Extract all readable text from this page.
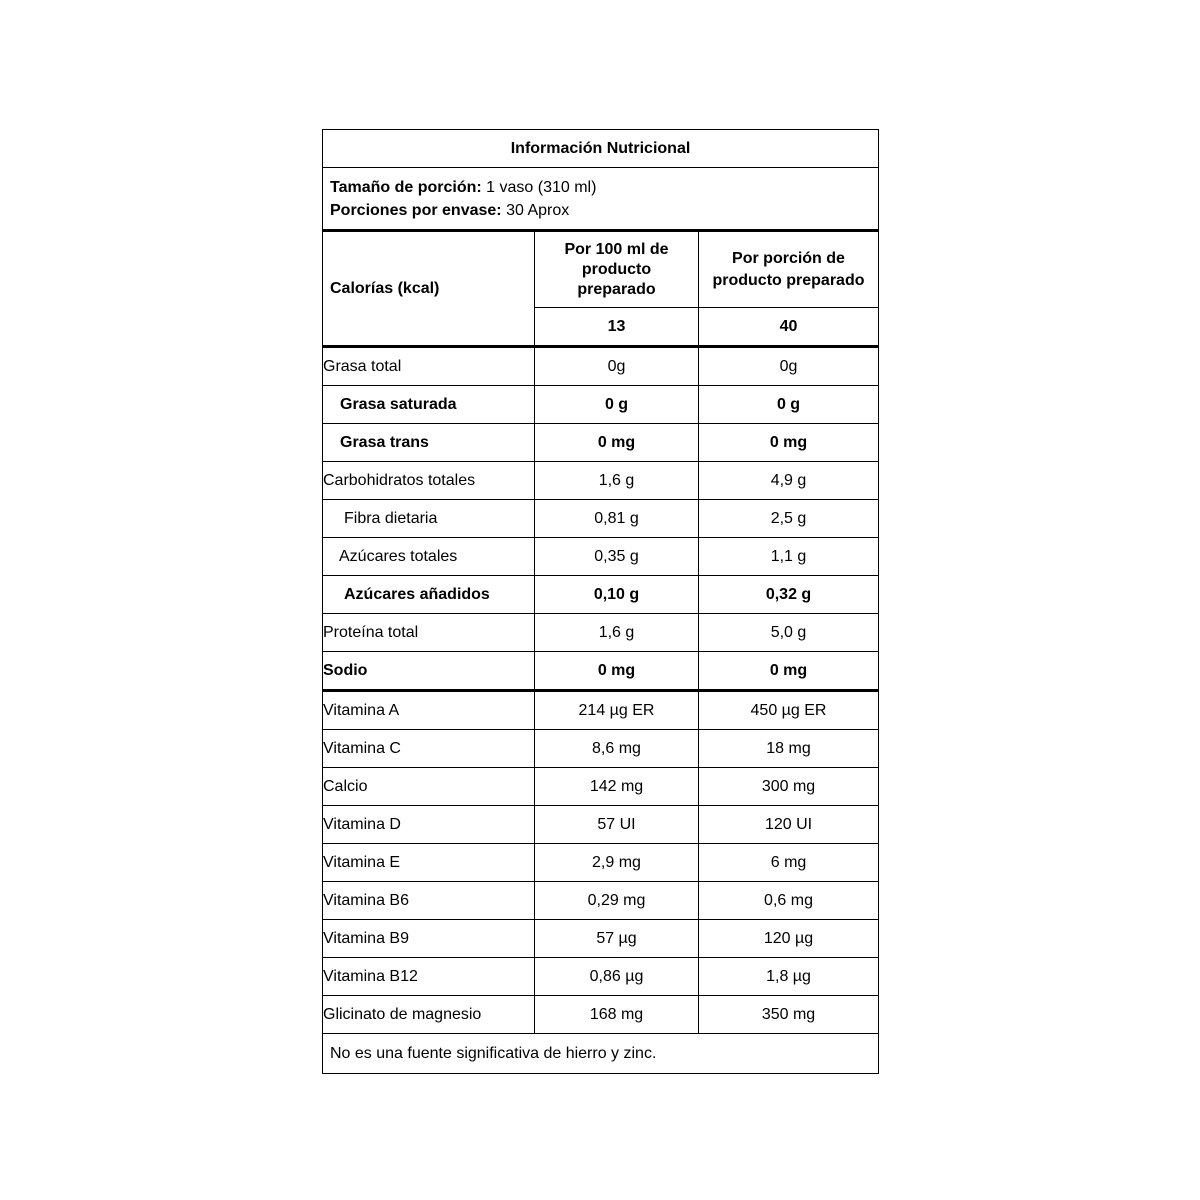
Información Nutricional		

Tamaño de porción: 1 vaso (310 ml)
Porciones por envase: 30 Aprox		

Calorías (kcal)	Por 100 ml de producto preparado	Por porción de producto preparado

	13	40
Grasa total	0g	0g
Grasa saturada	0 g	0 g
Grasa trans	0 mg	0 mg
Carbohidratos totales	1,6 g	4,9 g
Fibra dietaria	0,81 g	2,5 g
Azúcares totales	0,35 g	1,1 g
Azúcares añadidos	0,10 g	0,32 g
Proteína total	1,6 g	5,0 g
Sodio	0 mg	0 mg
Vitamina A	214 µg ER	450 µg ER
Vitamina C	8,6 mg	18 mg
Calcio	142 mg	300 mg
Vitamina D	57 UI	120 UI
Vitamina E	2,9 mg	6 mg
Vitamina B6	0,29 mg	0,6 mg
Vitamina B9	57 µg	120 µg
Vitamina B12	0,86 µg	1,8 µg
Glicinato de magnesio	168 mg	350 mg
No es una fuente significativa de hierro y zinc.		
